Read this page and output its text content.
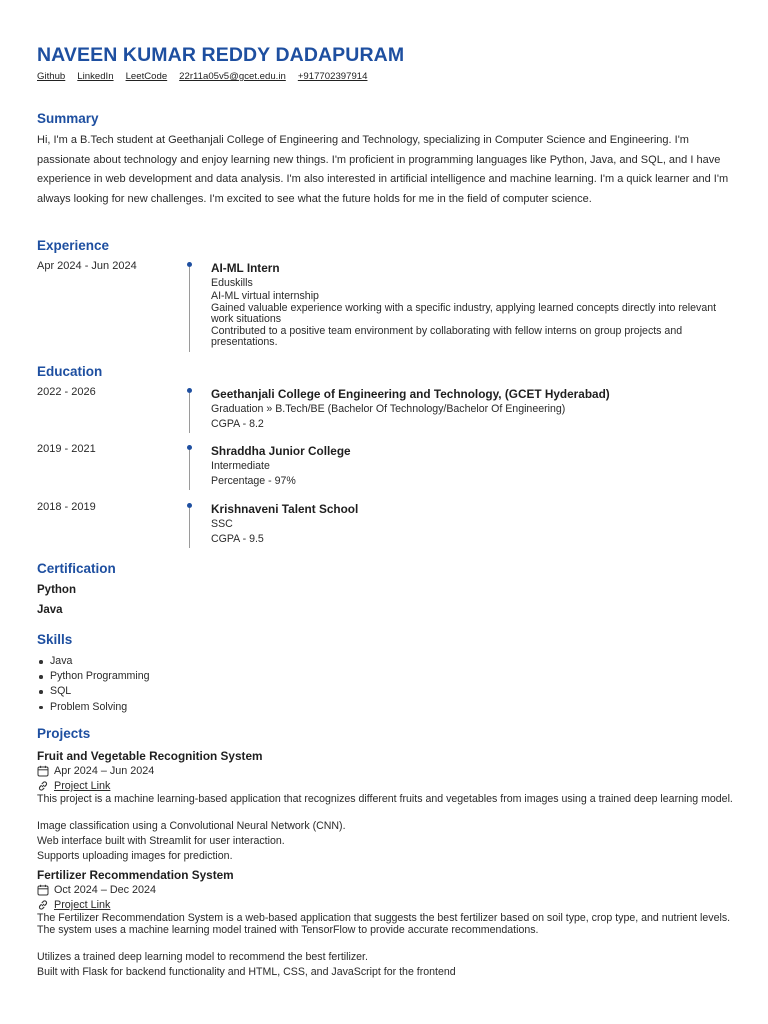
NAVEEN KUMAR REDDY DADAPURAM
Github LinkedIn LeetCode 22r11a05v5@gcet.edu.in +917702397914
Summary

Hi, I'm a B.Tech student at Geethanjali College of Engineering and Technology, specializing in Computer Science and Engineering. I'm passionate about technology and enjoy learning new things. I'm proficient in programming languages like Python, Java, and SQL, and I have experience in web development and data analysis. I'm also interested in artificial intelligence and machine learning. I'm a quick learner and I'm always looking for new challenges. I'm excited to see what the future holds for me in the field of computer science.

Experience
Apr 2024 - Jun 2024	AI-ML Intern
Eduskills
AI-ML virtual internship
Gained valuable experience working with a specific industry, applying learned concepts directly into relevant work situations
Contributed to a positive team environment by collaborating with fellow interns on group projects and presentations.
Education
2022 - 2026	Geethanjali College of Engineering and Technology, (GCET Hyderabad)
Graduation » B.Tech/BE (Bachelor Of Technology/Bachelor Of Engineering)
CGPA - 8.2
2019 - 2021	Shraddha Junior College
Intermediate
Percentage - 97%
2018 - 2019	Krishnaveni Talent School
SSC
CGPA - 9.5
Certification
Python
Java
Skills
Java
Python Programming
SQL
Problem Solving
Projects
Fruit and Vegetable Recognition System
Apr 2024 – Jun 2024
Project Link
This project is a machine learning-based application that recognizes different fruits and vegetables from images using a trained deep learning model.
Image classification using a Convolutional Neural Network (CNN).
Web interface built with Streamlit for user interaction.
Supports uploading images for prediction.
Fertilizer Recommendation System
Oct 2024 – Dec 2024
Project Link
The Fertilizer Recommendation System is a web-based application that suggests the best fertilizer based on soil type, crop type, and nutrient levels. The system uses a machine learning model trained with TensorFlow to provide accurate recommendations.
Utilizes a trained deep learning model to recommend the best fertilizer.
Built with Flask for backend functionality and HTML, CSS, and JavaScript for the frontend
